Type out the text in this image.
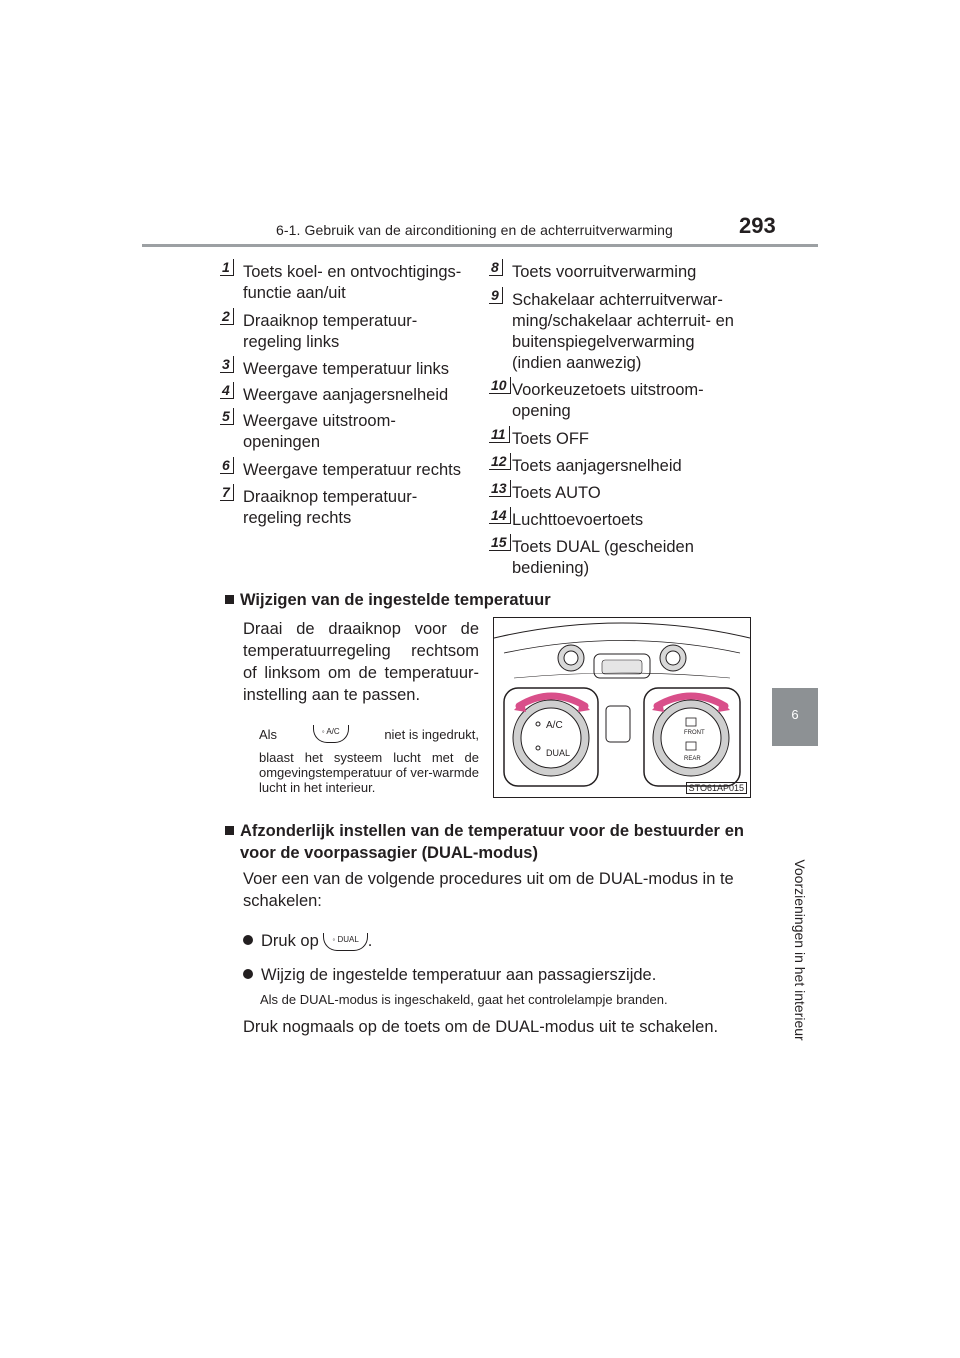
6-1. Gebruik van de airconditioning en de achterruitverwarming	293
6
Voorzieningen in het interieur
1 Toets koel- en ontvochtigings-
functie aan/uit
2 Draaiknop temperatuur-
regeling links
3 Weergave temperatuur links
4 Weergave aanjagersnelheid
5 Weergave uitstroom-
openingen
6 Weergave temperatuur rechts
7 Draaiknop temperatuur-
regeling rechts
8 Toets voorruitverwarming
9 Schakelaar achterruitverwar-
ming/schakelaar achterruit- en
buitenspiegelverwarming
(indien aanwezig)
10 Voorkeuzetoets uitstroom-
opening
11 Toets OFF
12 Toets aanjagersnelheid
13 Toets AUTO
14 Luchttoevoertoets
15 Toets DUAL (gescheiden
bediening)
Wijzigen van de ingestelde temperatuur
Draai de draaiknop voor de temperatuurregeling rechtsom of linksom om de temperatuur-instelling aan te passen.
Als	◦ A/C	niet is ingedrukt,
blaast het systeem lucht met de omgevingstemperatuur of ver-warmde lucht in het interieur.
A/C
DUAL
FRONT
REAR
STO61AP015
Afzonderlijk instellen van de temperatuur voor de bestuurder en voor de voorpassagier (DUAL-modus)
Voer een van de volgende procedures uit om de DUAL-modus in te schakelen:
Druk op ◦ DUAL .
Wijzig de ingestelde temperatuur aan passagierszijde.
Als de DUAL-modus is ingeschakeld, gaat het controlelampje branden.
Druk nogmaals op de toets om de DUAL-modus uit te schakelen.
